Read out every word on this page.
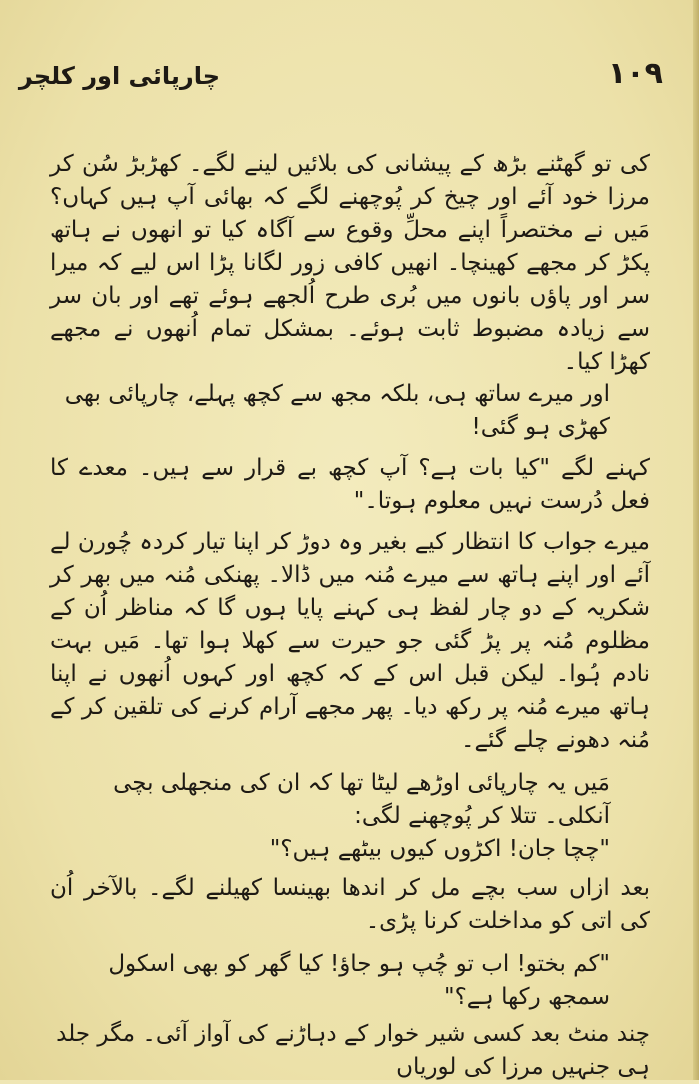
١٠٩
چارپائی اور کلچر

کی تو گھٹنے بڑھ کے پیشانی کی بلائیں لینے لگے۔ کھڑبڑ سُن کر مرزا خود آئے اور چیخ کر پُوچھنے لگے کہ بھائی آپ ہیں کہاں؟ مَیں نے مختصراً اپنے محلِّ وقوع سے آگاہ کیا تو انھوں نے ہاتھ پکڑ کر مجھے کھینچا۔ انھیں کافی زور لگانا پڑا اس لیے کہ میرا سر اور پاؤں بانوں میں بُری طرح اُلجھے ہوئے تھے اور بان سر سے زیادہ مضبوط ثابت ہوئے۔ بمشکل تمام اُنھوں نے مجھے کھڑا کیا۔

اور میرے ساتھ ہی، بلکہ مجھ سے کچھ پہلے، چارپائی بھی کھڑی ہو گئی!

کہنے لگے "کیا بات ہے؟ آپ کچھ بے قرار سے ہیں۔ معدے کا فعل دُرست نہیں معلوم ہوتا۔"

میرے جواب کا انتظار کیے بغیر وہ دوڑ کر اپنا تیار کردہ چُورن لے آئے اور اپنے ہاتھ سے میرے مُنہ میں ڈالا۔ پھنکی مُنہ میں بھر کر شکریہ کے دو چار لفظ ہی کہنے پایا ہوں گا کہ مناظر اُن کے مظلوم مُنہ پر پڑ گئی جو حیرت سے کھلا ہوا تھا۔ مَیں بہت نادم ہُوا۔ لیکن قبل اس کے کہ کچھ اور کہوں اُنھوں نے اپنا ہاتھ میرے مُنہ پر رکھ دیا۔ پھر مجھے آرام کرنے کی تلقین کر کے مُنہ دھونے چلے گئے۔

مَیں یہ چارپائی اوڑھے لیٹا تھا کہ ان کی منجھلی بچی آنکلی۔ تتلا کر پُوچھنے لگی:

"چچا جان! اکڑوں کیوں بیٹھے ہیں؟"

بعد ازاں سب بچے مل کر اندھا بھینسا کھیلنے لگے۔ بالآخر اُن کی اتی کو مداخلت کرنا پڑی۔

"کم بختو! اب تو چُپ ہو جاؤ! کیا گھر کو بھی اسکول سمجھ رکھا ہے؟"

چند منٹ بعد کسی شیر خوار کے دہاڑنے کی آواز آئی۔ مگر جلد ہی جنہیں مرزا کی لوریاں
